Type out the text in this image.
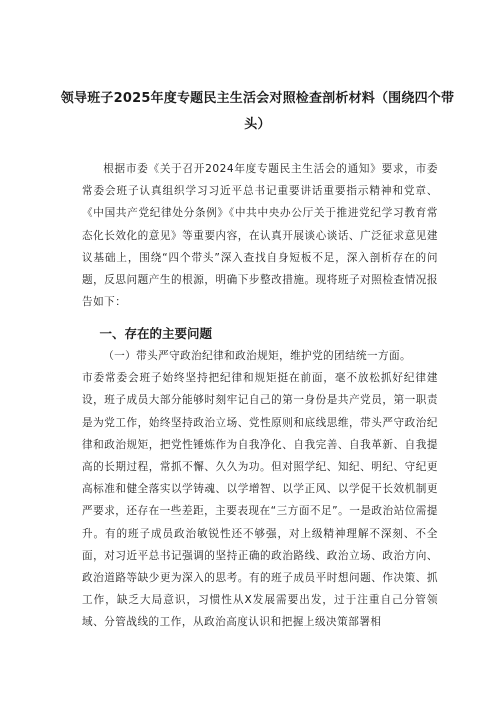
领导班子2025年度专题民主生活会对照检查剖析材料（围绕四个带头）

根据市委《关于召开2024年度专题民主生活会的通知》要求，市委常委会班子认真组织学习习近平总书记重要讲话重要指示精神和党章、《中国共产党纪律处分条例》《中共中央办公厅关于推进党纪学习教育常态化长效化的意见》等重要内容，在认真开展谈心谈话、广泛征求意见建议基础上，围绕“四个带头”深入查找自身短板不足，深入剖析存在的问题，反思问题产生的根源，明确下步整改措施。现将班子对照检查情况报告如下：

一、存在的主要问题

（一）带头严守政治纪律和政治规矩，维护党的团结统一方面。

市委常委会班子始终坚持把纪律和规矩挺在前面，毫不放松抓好纪律建设，班子成员大部分能够时刻牢记自己的第一身份是共产党员，第一职责是为党工作，始终坚持政治立场、党性原则和底线思维，带头严守政治纪律和政治规矩，把党性锤炼作为自我净化、自我完善、自我革新、自我提高的长期过程，常抓不懈、久久为功。但对照学纪、知纪、明纪、守纪更高标准和健全落实以学铸魂、以学增智、以学正风、以学促干长效机制更严要求，还存在一些差距，主要表现在“三方面不足”。一是政治站位需提升。有的班子成员政治敏锐性还不够强，对上级精神理解不深刻、不全面，对习近平总书记强调的坚持正确的政治路线、政治立场、政治方向、政治道路等缺少更为深入的思考。有的班子成员平时想问题、作决策、抓工作，缺乏大局意识，习惯性从X发展需要出发，过于注重自己分管领域、分管战线的工作，从政治高度认识和把握上级决策部署相
